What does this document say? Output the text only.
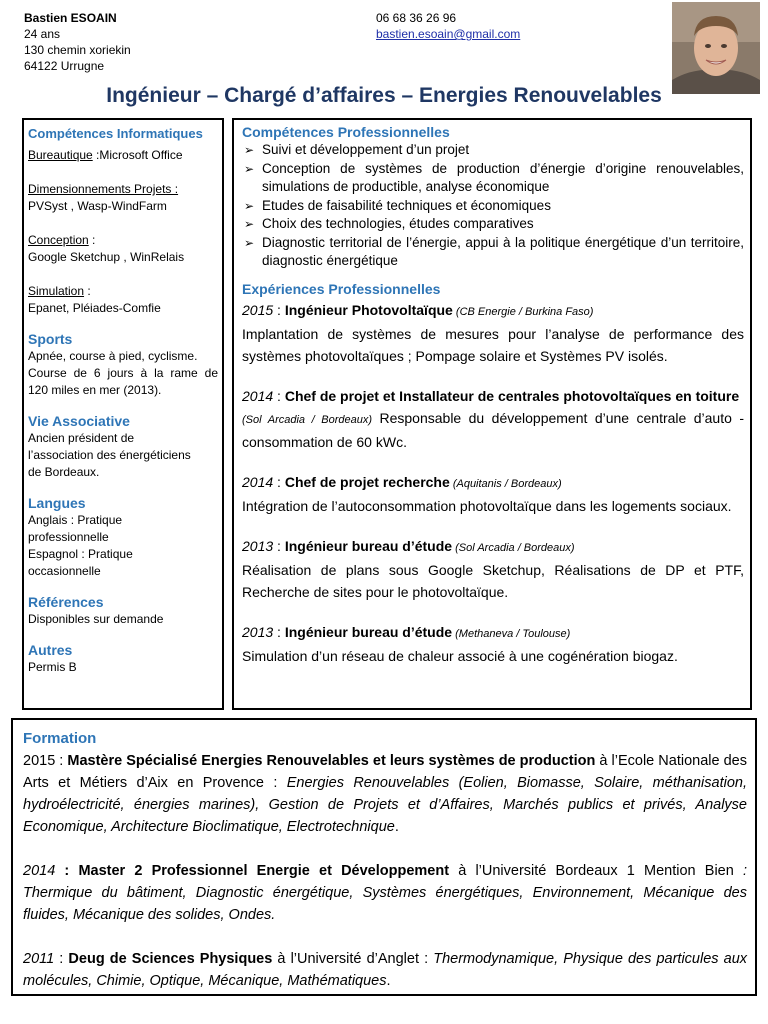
Bastien ESOAIN
24 ans
130 chemin xoriekin
64122 Urrugne
06 68 36 26 96
bastien.esoain@gmail.com
Ingénieur – Chargé d’affaires – Energies Renouvelables
Compétences Informatiques

Bureautique :Microsoft Office

Dimensionnements Projets :

PVSyst , Wasp-WindFarm

Conception :

Google Sketchup , WinRelais

Simulation :

Epanet, Pléiades-Comfie

Sports

Apnée, course à pied, cyclisme.

Course de 6 jours à la rame de

120 miles en mer (2013).

Vie Associative

Ancien président de

l’association des énergéticiens

de Bordeaux.

Langues

Anglais : Pratique

professionnelle

Espagnol : Pratique

occasionnelle

Références

Disponibles sur demande

Autres

Permis B

Compétences Professionnelles
➢ Suivi et développement d’un projet
➢ Conception de systèmes de production d’énergie d’origine renouvelables, simulations de productible, analyse économique
➢ Etudes de faisabilité techniques et économiques
➢ Choix des technologies, études comparatives
➢ Diagnostic territorial de l’énergie, appui à la politique énergétique d’un territoire, diagnostic énergétique
Expériences Professionnelles

2015 : Ingénieur Photovoltaïque (CB Energie / Burkina Faso)
Implantation de systèmes de mesures pour l’analyse de performance des systèmes photovoltaïques ; Pompage solaire et Systèmes PV isolés.

2014 : Chef de projet et Installateur de centrales photovoltaïques en toiture
(Sol Arcadia / Bordeaux) Responsable du développement d’une centrale d’auto - consommation de 60 kWc.

2014 : Chef de projet recherche (Aquitanis / Bordeaux)
Intégration de l’autoconsommation photovoltaïque dans les logements sociaux.

2013 : Ingénieur bureau d’étude (Sol Arcadia / Bordeaux)
Réalisation de plans sous Google Sketchup, Réalisations de DP et PTF, Recherche de sites pour le photovoltaïque.

2013 : Ingénieur bureau d’étude (Methaneva / Toulouse)
Simulation d’un réseau de chaleur associé à une cogénération biogaz.

Formation

2015 : Mastère Spécialisé Energies Renouvelables et leurs systèmes de production à l’Ecole Nationale des Arts et Métiers d’Aix en Provence : Energies Renouvelables (Eolien, Biomasse, Solaire, méthanisation, hydroélectricité, énergies marines), Gestion de Projets et d’Affaires, Marchés publics et privés, Analyse Economique, Architecture Bioclimatique, Electrotechnique.

2014 : Master 2 Professionnel Energie et Développement à l’Université Bordeaux 1 Mention Bien : Thermique du bâtiment, Diagnostic énergétique, Systèmes énergétiques, Environnement, Mécanique des fluides, Mécanique des solides, Ondes.

2011 : Deug de Sciences Physiques à l’Université d’Anglet : Thermodynamique, Physique des particules aux molécules, Chimie, Optique, Mécanique, Mathématiques.
